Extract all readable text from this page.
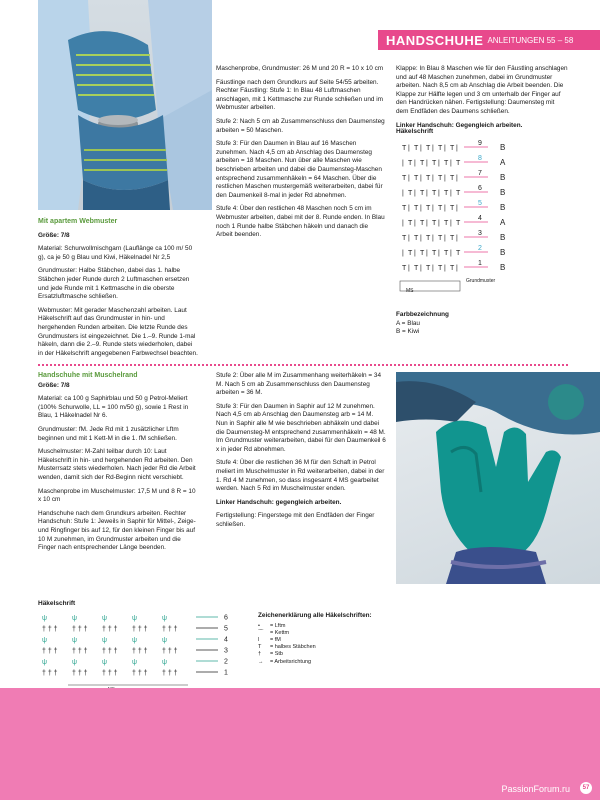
HANDSCHUHE ANLEITUNGEN 55 – 58

Mit apartem Webmuster

Größe: 7/8

Material: Schurwollmischgarn (Lauflänge ca 100 m/ 50 g), ca je 50 g Blau und Kiwi, Häkelnadel Nr 2,5

Grundmuster: Halbe Stäbchen, dabei das 1. halbe Stäbchen jeder Runde durch 2 Luftmaschen ersetzen und jede Runde mit 1 Kettmasche in die oberste Ersatzluftmasche schließen.

Webmuster: Mit gerader Maschenzahl arbeiten. Laut Häkelschrift auf das Grundmuster in hin- und hergehenden Runden arbeiten. Die letzte Runde des Grundmusters ist eingezeichnet. Die 1.–9. Runde 1-mal häkeln, dann die 2.–9. Runde stets wiederholen, dabei in der Häkelschrift angegebenen Farbwechsel beachten.

Maschenprobe, Grundmuster: 26 M und 20 R = 10 x 10 cm

Fäustlinge nach dem Grundkurs auf Seite 54/55 arbeiten. Rechter Fäustling: Stufe 1: In Blau 48 Luftmaschen anschlagen, mit 1 Kettmasche zur Runde schließen und im Webmuster arbeiten.

Stufe 2: Nach 5 cm ab Zusammenschluss den Daumensteg arbeiten = 50 Maschen.

Stufe 3: Für den Daumen in Blau auf 16 Maschen zunehmen. Nach 4,5 cm ab Anschlag des Daumensteg arbeiten = 18 Maschen. Nun über alle Maschen wie beschrieben arbeiten und dabei die Daumensteg-Maschen entsprechend zusammenhäkeln = 64 Maschen. Über die restlichen Maschen mustergemäß weiterarbeiten, dabei für den Daumenkeil 8-mal in jeder Rd abnehmen.

Stufe 4: Über den restlichen 48 Maschen noch 5 cm im Webmuster arbeiten, dabei mit der 8. Runde enden. In Blau noch 1 Runde halbe Stäbchen häkeln und danach die Arbeit beenden.

Klappe: In Blau 8 Maschen wie für den Fäustling anschlagen und auf 48 Maschen zunehmen, dabei im Grundmuster arbeiten. Nach 8,5 cm ab Anschlag die Arbeit beenden. Die Klappe zur Hälfte legen und 3 cm unterhalb der Finger auf den Handrücken nähen. Fertigstellung: Daumensteg mit dem Endfäden des Daumens schließen.

Linker Handschuh: Gegengleich arbeiten.

Häkelschrift
T | T | T | T | T |
9 B
| T | T | T | T | T
8 A
T | T | T | T | T |
7 B
| T | T | T | T | T
6 B
T | T | T | T | T |
5 B
| T | T | T | T | T
4 A
T | T | T | T | T |
3 B
| T | T | T | T | T
2 B
T | T | T | T | T |
1 B
Grundmuster
MS

Farbbezeichnung

A = Blau

B = Kiwi

Handschuhe mit Muschelrand

Größe: 7/8

Material: ca 100 g Saphirblau und 50 g Petrol-Meliert (100% Schurwolle, LL = 100 m/50 g), sowie 1 Rest in Blau, 1 Häkelnadel Nr 6.

Grundmuster: fM. Jede Rd mit 1 zusätzlicher Lftm beginnen und mit 1 Kett-M in die 1. fM schließen.

Muschelmuster: M-Zahl teilbar durch 10: Laut Häkelschrift in hin- und hergehenden Rd arbeiten. Den Musterrsatz stets wiederholen. Nach jeder Rd die Arbeit wenden, damit sich der Rd-Beginn nicht verschiebt.

Maschenprobe im Muschelmuster: 17,5 M und 8 R = 10 x 10 cm

Handschuhe nach dem Grundkurs arbeiten. Rechter Handschuh: Stufe 1: Jeweils in Saphir für Mittel-, Zeige- und Ringfinger bis auf 12, für den kleinen Finger bis auf 10 M zunehmen, im Grundmuster arbeiten und die Finger nach entsprechender Länge beenden.

Stufe 2: Über alle M im Zusammenhang weiterhäkeln = 34 M. Nach 5 cm ab Zusammenschluss den Daumensteg arbeiten = 36 M.

Stufe 3: Für den Daumen in Saphir auf 12 M zunehmen. Nach 4,5 cm ab Anschlag den Daumensteg arb = 14 M. Nun in Saphir alle M wie beschrieben abhäkeln und dabei die Daumensteg-M entsprechend zusammenhäkeln = 48 M. Im Grundmuster weiterarbeiten, dabei für den Daumenkeil 6 x in jeder Rd abnehmen.

Stufe 4: Über die restlichen 36 M für den Schaft in Petrol meliert im Muschelmuster in Rd weiterarbeiten, dabei in der 1. Rd 4 M zunehmen, so dass insgesamt 4 MS gearbeitet werden. Nach 5 Rd im Muschelmuster enden.

Linker Handschuh: gegengleich arbeiten.

Fertigstellung: Fingerstege mit den Endfäden der Finger schließen.

Häkelschrift
ψ	ψ	ψ	ψ	ψ	6
† † † † † † † † † † † † † † †	5
ψ	ψ	ψ	ψ	ψ	4
† † † † † † † † † † † † † † †	3
ψ	ψ	ψ	ψ	ψ	2
† † † † † † † † † † † † † † †	1

Zeichenerklärung alle Häkelschriften:

•	= Lftm
⌒	= Kettm
l	= fM
T	= halbes Stäbchen
†	= Stb
→	= Arbeitsrichtung
PassionForum.ru	57
